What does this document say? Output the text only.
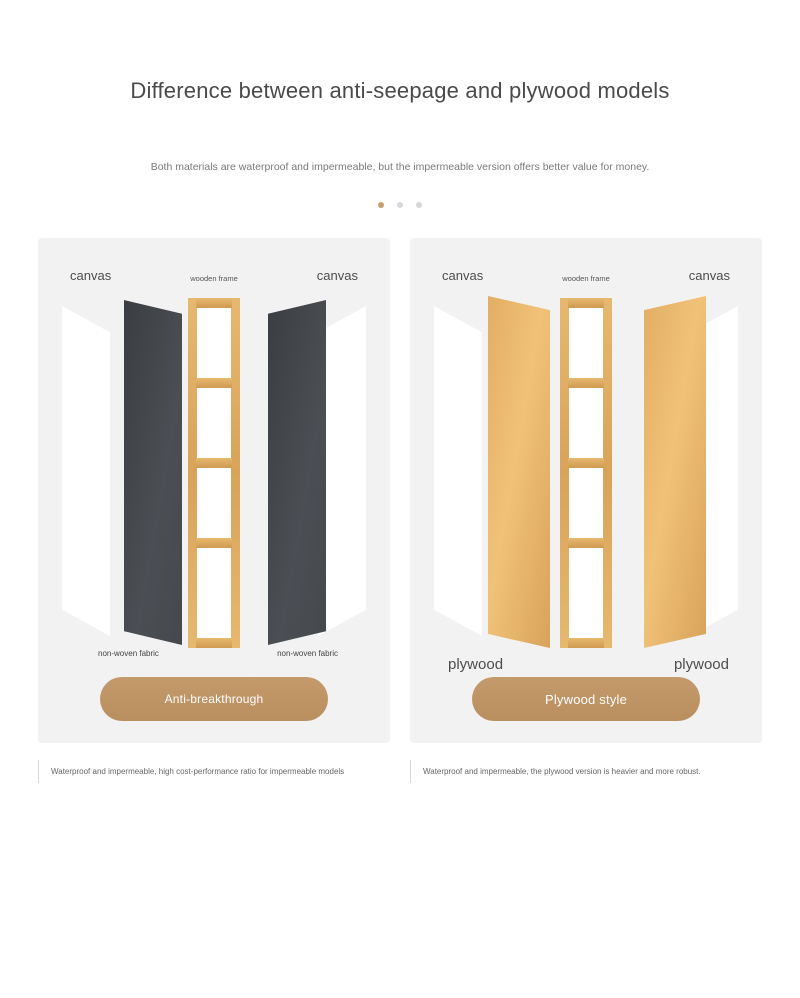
Difference between anti-seepage and plywood models

Both materials are waterproof and impermeable, but the impermeable version offers better value for money.

canvas	canvas
wooden frame
non-woven fabric	non-woven fabric
Anti-breakthrough
canvas	canvas
wooden frame
plywood	plywood
Plywood style
Waterproof and impermeable, high cost-performance ratio for impermeable models	Waterproof and impermeable, the plywood version is heavier and more robust.
